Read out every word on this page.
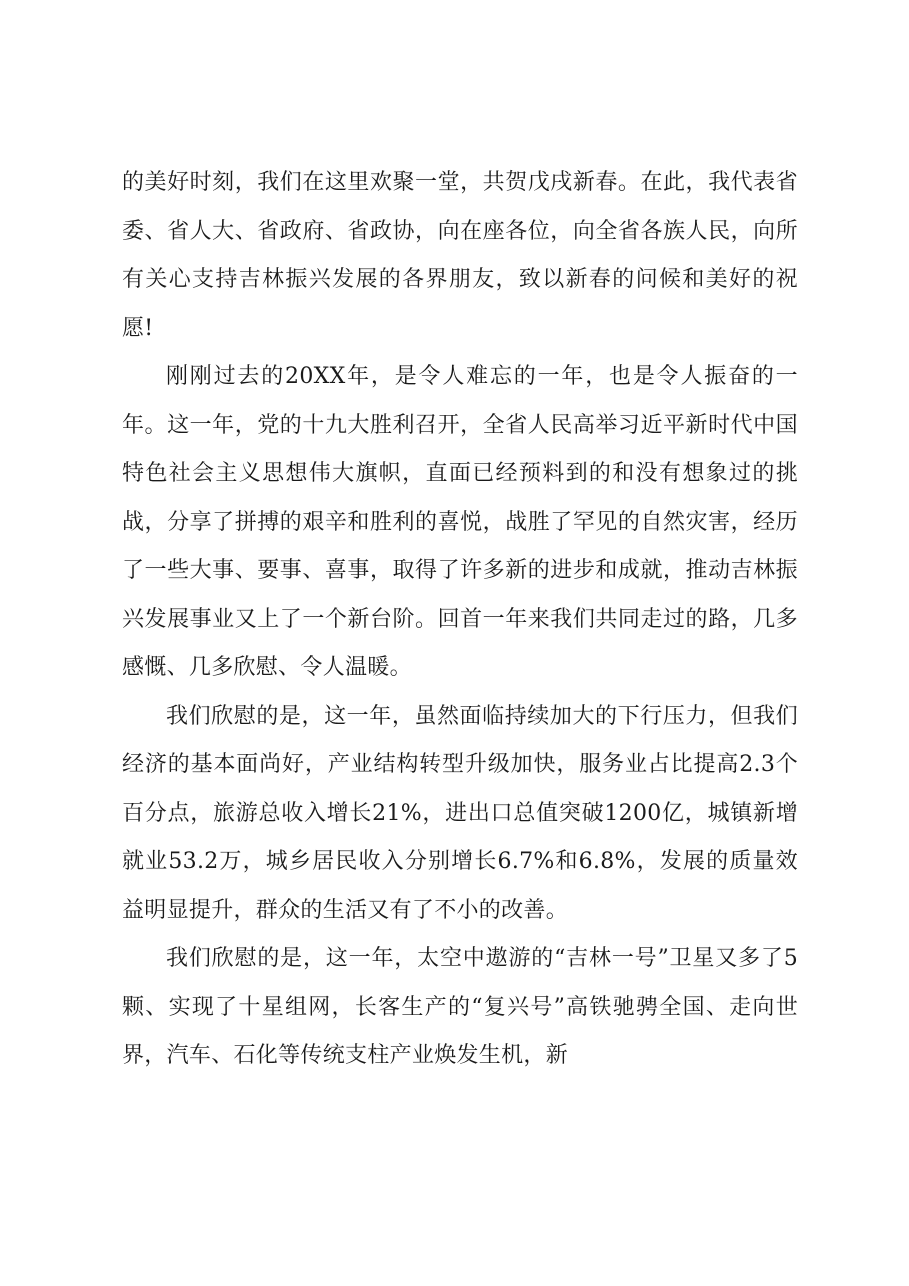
的美好时刻，我们在这里欢聚一堂，共贺戊戌新春。在此，我代表省委、省人大、省政府、省政协，向在座各位，向全省各族人民，向所有关心支持吉林振兴发展的各界朋友，致以新春的问候和美好的祝愿!

刚刚过去的20XX年，是令人难忘的一年，也是令人振奋的一年。这一年，党的十九大胜利召开，全省人民高举习近平新时代中国特色社会主义思想伟大旗帜，直面已经预料到的和没有想象过的挑战，分享了拼搏的艰辛和胜利的喜悦，战胜了罕见的自然灾害，经历了一些大事、要事、喜事，取得了许多新的进步和成就，推动吉林振兴发展事业又上了一个新台阶。回首一年来我们共同走过的路，几多感慨、几多欣慰、令人温暖。

我们欣慰的是，这一年，虽然面临持续加大的下行压力，但我们经济的基本面尚好，产业结构转型升级加快，服务业占比提高2.3个百分点，旅游总收入增长21%，进出口总值突破1200亿，城镇新增就业53.2万，城乡居民收入分别增长6.7%和6.8%，发展的质量效益明显提升，群众的生活又有了不小的改善。

我们欣慰的是，这一年，太空中遨游的“吉林一号”卫星又多了5颗、实现了十星组网，长客生产的“复兴号”高铁驰骋全国、走向世界，汽车、石化等传统支柱产业焕发生机，新
